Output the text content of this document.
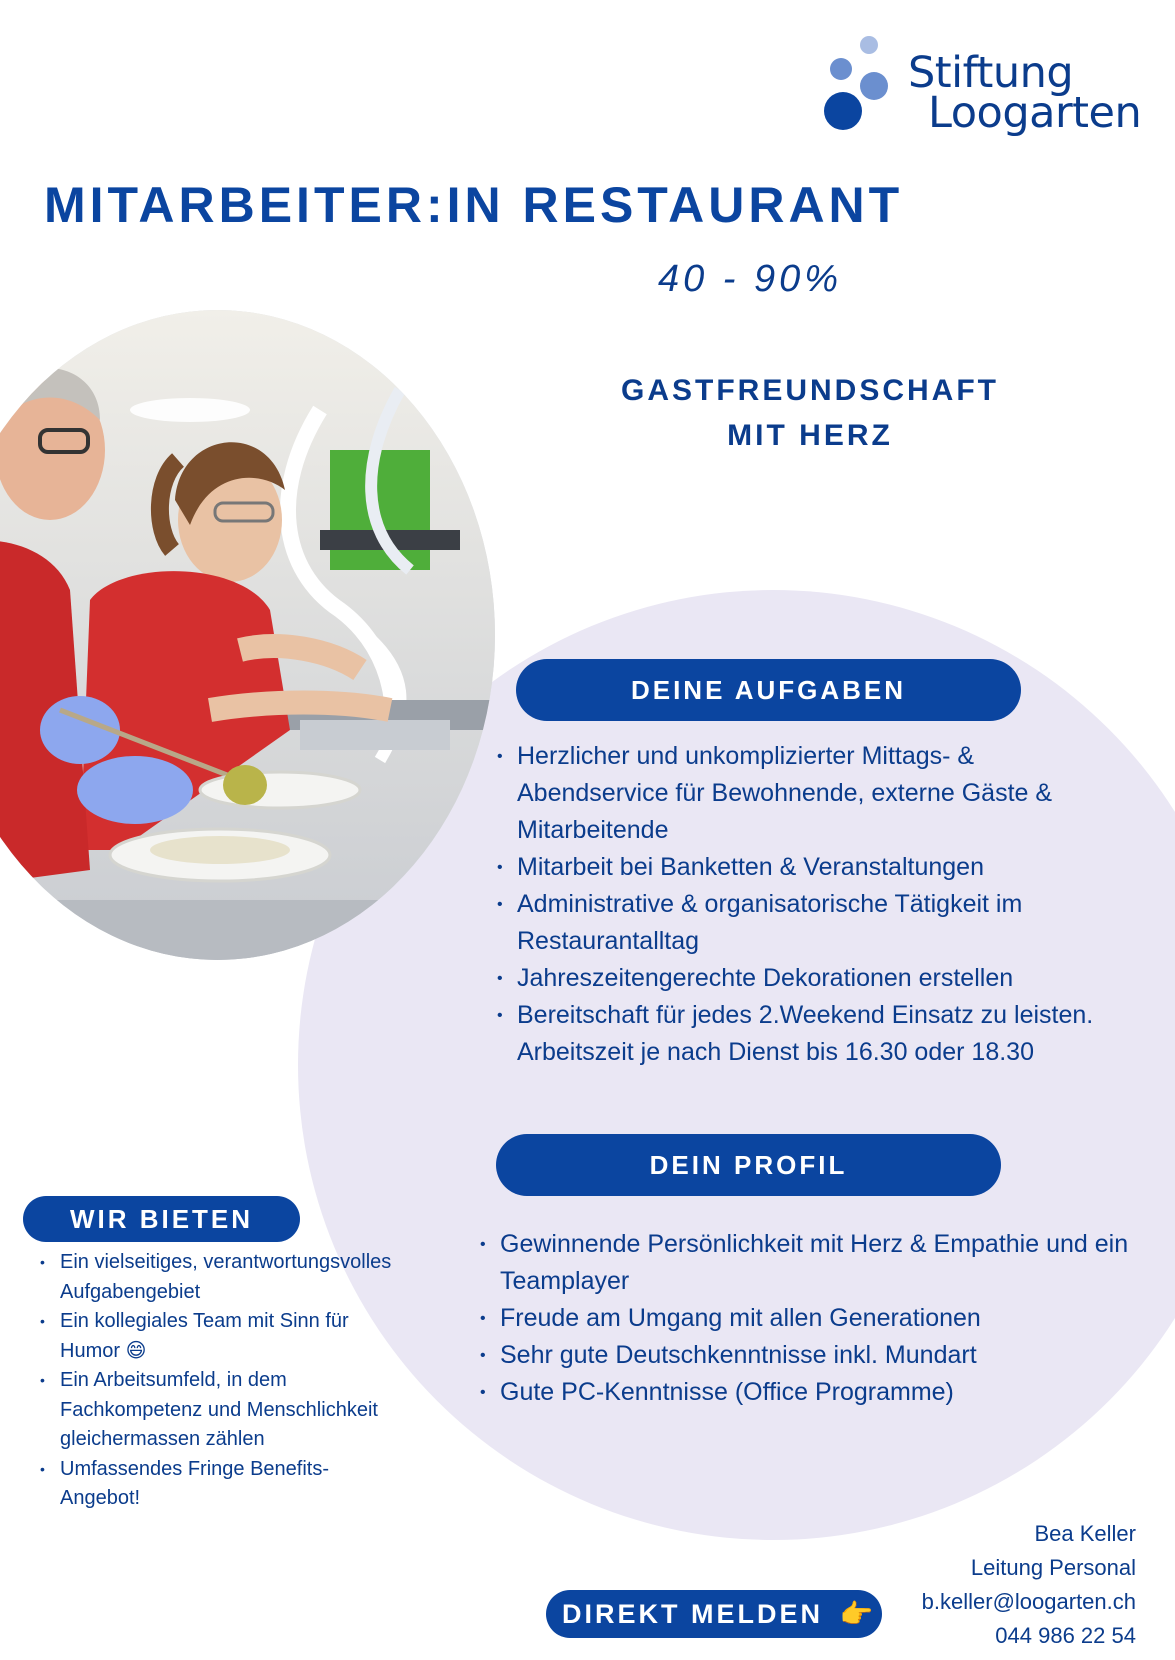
Stiftung
Loogarten
MITARBEITER:IN RESTAURANT
40 - 90%
GASTFREUNDSCHAFT
MIT HERZ
DEINE AUFGABEN
• Herzlicher und unkomplizierter Mittags- & Abendservice für Bewohnende, externe Gäste & Mitarbeitende
• Mitarbeit bei Banketten & Veranstaltungen
• Administrative & organisatorische Tätigkeit im Restaurantalltag
• Jahreszeitengerechte Dekorationen erstellen
• Bereitschaft für jedes 2.Weekend Einsatz zu leisten. Arbeitszeit je nach Dienst bis 16.30 oder 18.30
DEIN PROFIL
• Gewinnende Persönlichkeit mit Herz & Empathie und ein Teamplayer
• Freude am Umgang mit allen Generationen
• Sehr gute Deutschkenntnisse inkl. Mundart
• Gute PC-Kenntnisse (Office Programme)
WIR BIETEN
• Ein vielseitiges, verantwortungsvolles Aufgabengebiet
• Ein kollegiales Team mit Sinn für Humor 😄
• Ein Arbeitsumfeld, in dem Fachkompetenz und Menschlichkeit gleichermassen zählen
• Umfassendes Fringe Benefits-Angebot!
DIREKT MELDEN 👉
Bea Keller
Leitung Personal
b.keller@loogarten.ch
044 986 22 54
